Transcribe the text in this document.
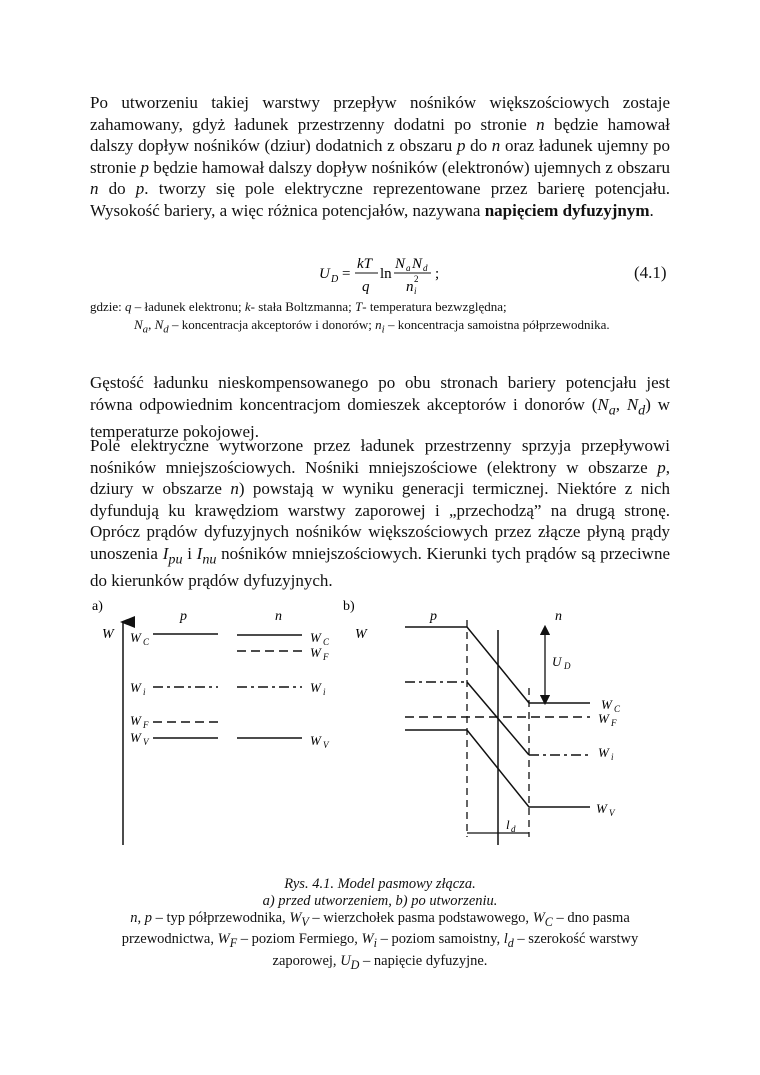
Po utworzeniu takiej warstwy przepływ nośników większościowych zostaje zahamowany, gdyż ładunek przestrzenny dodatni po stronie n będzie hamował dalszy dopływ nośników (dziur) dodatnich z obszaru p do n oraz ładunek ujemny po stronie p będzie hamował dalszy dopływ nośników (elektronów) ujemnych z obszaru n do p. tworzy się pole elektryczne reprezentowane przez barierę potencjału. Wysokość bariery, a więc różnica potencjałów, nazywana napięciem dyfuzyjnym.

U D =
kT
q
ln
N a N d
n i
2 ;	(4.1)

gdzie: q – ładunek elektronu; k- stała Boltzmanna; T- temperatura bezwzględna;

$N_a$, $N_d$ – koncentracja akceptorów i donorów; $n_i$ – koncentracja samoistna półprzewodnika.

Gęstość ładunku nieskompensowanego po obu stronach bariery potencjału jest równa odpowiednim koncentracjom domieszek akceptorów i donorów ($N_a$, $N_d$) w temperaturze pokojowej.

Pole elektryczne wytworzone przez ładunek przestrzenny sprzyja przepływowi nośników mniejszościowych. Nośniki mniejszościowe (elektrony w obszarze p, dziury w obszarze n) powstają w wyniku generacji termicznej. Niektóre z nich dyfundują ku krawędziom warstwy zaporowej i „przechodzą” na drugą stronę. Oprócz prądów dyfuzyjnych nośników większościowych przez złącze płyną prądy unoszenia $I_{pu}$ i $I_{nu}$ nośników mniejszościowych. Kierunki tych prądów są przeciwne do kierunków prądów dyfuzyjnych.

a)
W
p	n
W C
W i
W F
W V
W C
W F
W i
W V
b)
W
p	n
W C
W F
W i
W V
U D
l d

Rys. 4.1. Model pasmowy złącza.

a) przed utworzeniem, b) po utworzeniu.

n, p – typ półprzewodnika, $W_V$ – wierzchołek pasma podstawowego, $W_C$ – dno pasma przewodnictwa, $W_F$ – poziom Fermiego, $W_i$ – poziom samoistny, $l_d$ – szerokość warstwy zaporowej, $U_D$ – napięcie dyfuzyjne.
